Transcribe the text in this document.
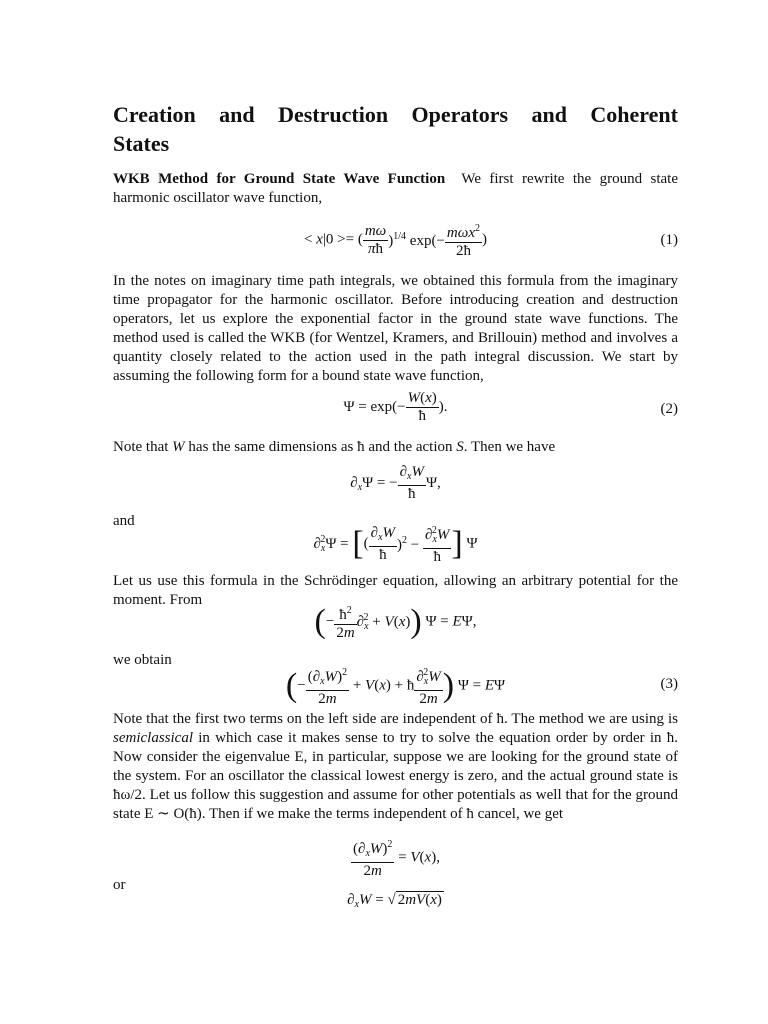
Creation and Destruction Operators and Coherent
States

WKB Method for Ground State Wave Function We first rewrite the ground state harmonic oscillator wave function,

< x|0 >= ( $\frac{m\omega}{\pi ħ} )^{1/4}$ $\exp(- \frac{m\omega x^2}{2ħ}$ )	(1)

In the notes on imaginary time path integrals, we obtained this formula from the imaginary time propagator for the harmonic oscillator. Before introducing creation and destruction operators, let us explore the exponential factor in the ground state wave functions. The method used is called the WKB (for Wentzel, Kramers, and Brillouin) method and involves a quantity closely related to the action used in the path integral discussion. We start by assuming the following form for a bound state wave function,

$\Psi = \exp(- \frac{W(x)}{ħ}$ ).	(2)

Note that W has the same dimensions as ħ and the action S. Then we have

$\partial_x\Psi$ = − $\frac{\partial_xW}{ħ} \Psi$,

and

$\partial_x^2\Psi$ = [( $\frac{\partial_xW}{ħ} )^2 - \frac{\partial_x^2W}{ħ}$ ] Ψ

Let us use this formula in the Schrödinger equation, allowing an arbitrary potential for the moment. From

(− $\frac{ħ^2}{2m} \partial_x^2 + V(x)$) Ψ = EΨ,

we obtain

(− $\frac{(\partial_xW)^2}{2m} + V(x)$ + ħ $\frac{\partial_x^2W}{2m}$ ) Ψ = EΨ	(3)

Note that the first two terms on the left side are independent of ħ. The method we are using is semiclassical in which case it makes sense to try to solve the equation order by order in ħ. Now consider the eigenvalue E, in particular, suppose we are looking for the ground state of the system. For an oscillator the classical lowest energy is zero, and the actual ground state is ħω/2. Let us follow this suggestion and assume for other potentials as well that for the ground state E ∼ O(ħ). Then if we make the terms independent of ħ cancel, we get

$\frac{(\partial_xW)^2}{2m} = V(x)$,

or

$\partial_xW$ = √ 2mV(x)
